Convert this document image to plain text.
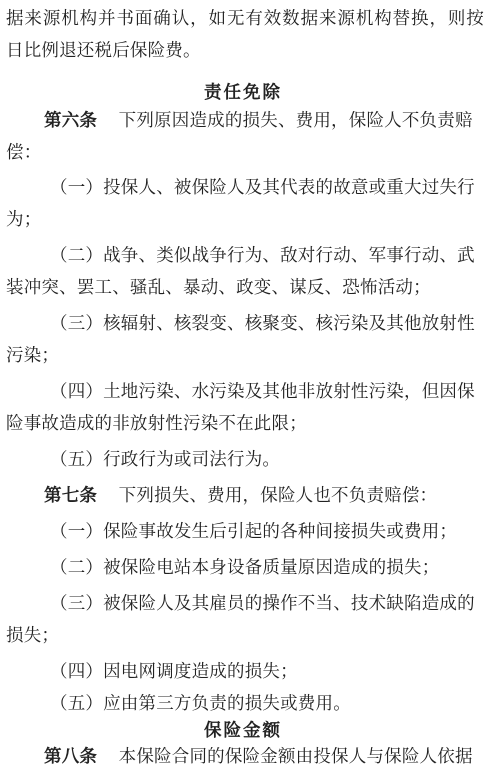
据来源机构并书面确认，如无有效数据来源机构替换，则按
日比例退还税后保险费。
责任免除
第六条 下列原因造成的损失、费用，保险人不负责赔
偿：
（一）投保人、被保险人及其代表的故意或重大过失行
为；
（二）战争、类似战争行为、敌对行动、军事行动、武
装冲突、罢工、骚乱、暴动、政变、谋反、恐怖活动；
（三）核辐射、核裂变、核聚变、核污染及其他放射性
污染；
（四）土地污染、水污染及其他非放射性污染，但因保
险事故造成的非放射性污染不在此限；
（五）行政行为或司法行为。
第七条 下列损失、费用，保险人也不负责赔偿：
（一）保险事故发生后引起的各种间接损失或费用；
（二）被保险电站本身设备质量原因造成的损失；
（三）被保险人及其雇员的操作不当、技术缺陷造成的
损失；
（四）因电网调度造成的损失；
（五）应由第三方负责的损失或费用。
保险金额
第八条 本保险合同的保险金额由投保人与保险人依据
